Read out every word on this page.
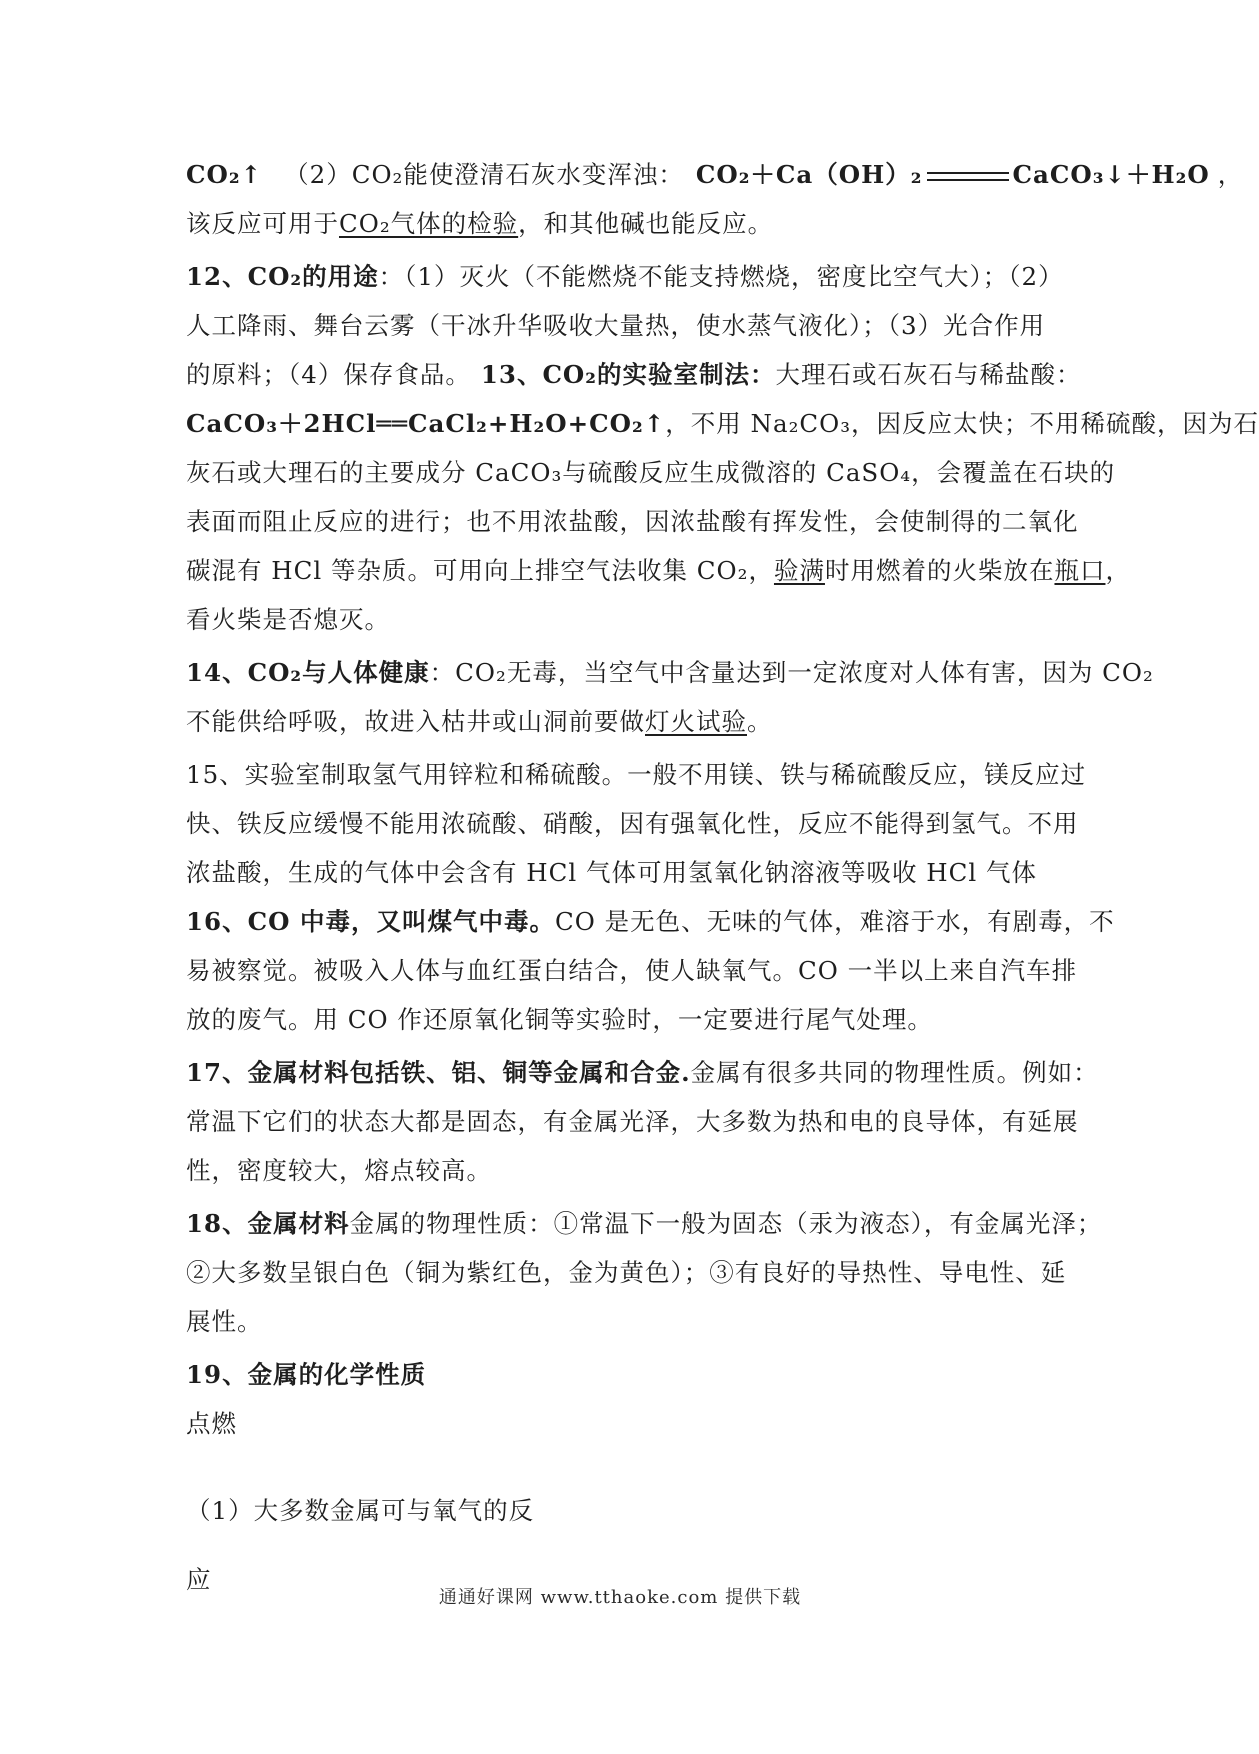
CO₂↑ （2）CO₂能使澄清石灰水变浑浊： CO₂＋Ca（OH）₂	CaCO₃↓＋H₂O ，
该反应可用于CO₂气体的检验，和其他碱也能反应。
12、CO₂的用途：（1）灭火（不能燃烧不能支持燃烧，密度比空气大）；（2）
人工降雨、舞台云雾（干冰升华吸收大量热，使水蒸气液化）；（3）光合作用
的原料；（4）保存食品。 13、CO₂的实验室制法：大理石或石灰石与稀盐酸：
CaCO₃＋2HCl══CaCl₂+H₂O+CO₂↑，不用 Na₂CO₃，因反应太快；不用稀硫酸，因为石
灰石或大理石的主要成分 CaCO₃与硫酸反应生成微溶的 CaSO₄，会覆盖在石块的
表面而阻止反应的进行；也不用浓盐酸，因浓盐酸有挥发性，会使制得的二氧化
碳混有 HCl 等杂质。可用向上排空气法收集 CO₂，验满时用燃着的火柴放在瓶口，
看火柴是否熄灭。
14、CO₂与人体健康：CO₂无毒，当空气中含量达到一定浓度对人体有害，因为 CO₂
不能供给呼吸，故进入枯井或山洞前要做灯火试验。
15、实验室制取氢气用锌粒和稀硫酸。一般不用镁、铁与稀硫酸反应，镁反应过
快、铁反应缓慢不能用浓硫酸、硝酸，因有强氧化性，反应不能得到氢气。不用
浓盐酸，生成的气体中会含有 HCl 气体可用氢氧化钠溶液等吸收 HCl 气体
16、CO 中毒，又叫煤气中毒。CO 是无色、无味的气体，难溶于水，有剧毒，不
易被察觉。被吸入人体与血红蛋白结合，使人缺氧气。CO 一半以上来自汽车排
放的废气。用 CO 作还原氧化铜等实验时，一定要进行尾气处理。
17、金属材料包括铁、铝、铜等金属和合金.金属有很多共同的物理性质。例如：
常温下它们的状态大都是固态，有金属光泽，大多数为热和电的良导体，有延展
性，密度较大，熔点较高。
18、金属材料金属的物理性质：①常温下一般为固态（汞为液态），有金属光泽；
②大多数呈银白色（铜为紫红色，金为黄色）；③有良好的导热性、导电性、延
展性。
19、金属的化学性质
点燃
（1）大多数金属可与氧气的反
应
通通好课网 www.tthaoke.com 提供下载
